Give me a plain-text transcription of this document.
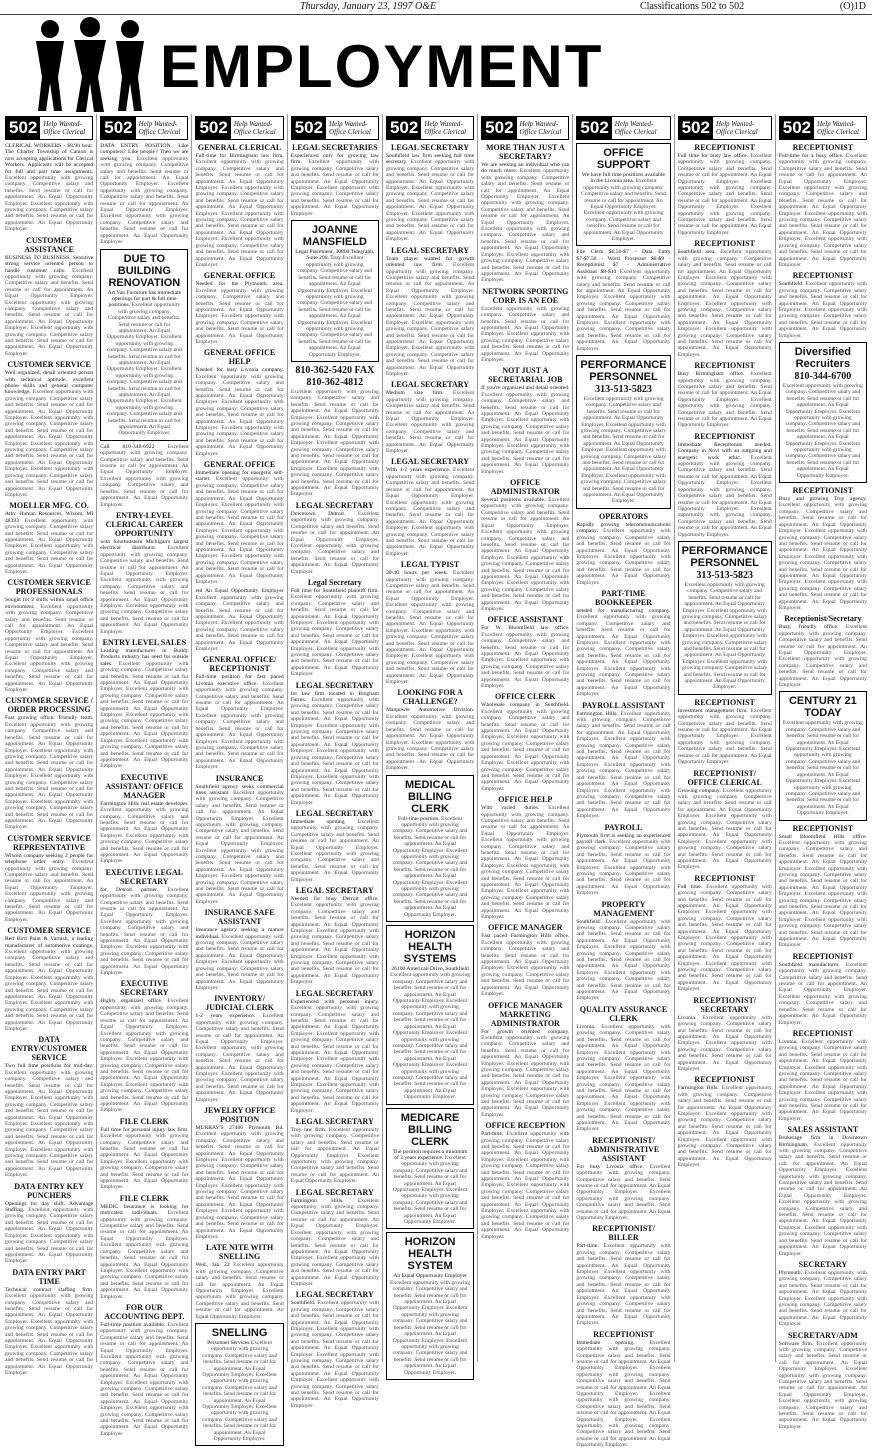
Thursday, January 23, 1997 O&E	Classifications 502 to 502	(O)1D
EMPLOYMENT
502 Help Wanted-
Office Clerical
CLERICAL WORKERS - $8.90 hour. The Charter Township of Canton is now accepting applications for Clerical Workers. Applicants will be accepted for full and part time assignments. Excellent opportunity with growing company. Competitive salary and benefits. Send resume or call for appointment. An Equal Opportunity Employer. Excellent opportunity with growing company. Competitive salary and benefits. Send resume or call for appointment. An Equal Opportunity Employer.
CUSTOMER ASSISTANCE
BUSINESS TO BUSINESS. Sensitive strong service oriented person to handle customer calls. Excellent opportunity with growing company. Competitive salary and benefits. Send resume or call for appointment. An Equal Opportunity Employer. Excellent opportunity with growing company. Competitive salary and benefits. Send resume or call for appointment. An Equal Opportunity Employer. Excellent opportunity with growing company. Competitive salary and benefits. Send resume or call for appointment. An Equal Opportunity Employer.
CUSTOMER SERVICE
Well organized, detail oriented person with technical aptitude, excellent phone skills and general computer knowledge. Excellent opportunity with growing company. Competitive salary and benefits. Send resume or call for appointment. An Equal Opportunity Employer. Excellent opportunity with growing company. Competitive salary and benefits. Send resume or call for appointment. An Equal Opportunity Employer. Excellent opportunity with growing company. Competitive salary and benefits. Send resume or call for appointment. An Equal Opportunity Employer. Excellent opportunity with growing company. Competitive salary and benefits. Send resume or call for appointment. An Equal Opportunity Employer.
MOELLER MFG. CO.
Attn: Human Resources, Wixom, MI 48393 Excellent opportunity with growing company. Competitive salary and benefits. Send resume or call for appointment. An Equal Opportunity Employer. Excellent opportunity with growing company. Competitive salary and benefits. Send resume or call for appointment. An Equal Opportunity Employer.
CUSTOMER SERVICE PROFESSIONALS
Sought for 2 shifts within small office environment. Excellent opportunity with growing company. Competitive salary and benefits. Send resume or call for appointment. An Equal Opportunity Employer. Excellent opportunity with growing company. Competitive salary and benefits. Send resume or call for appointment. An Equal Opportunity Employer. Excellent opportunity with growing company. Competitive salary and benefits. Send resume or call for appointment. An Equal Opportunity Employer.
CUSTOMER SERVICE / ORDER PROCESSING
Fast growing office. Friendly team. Excellent opportunity with growing company. Competitive salary and benefits. Send resume or call for appointment. An Equal Opportunity Employer. Excellent opportunity with growing company. Competitive salary and benefits. Send resume or call for appointment. An Equal Opportunity Employer. Excellent opportunity with growing company. Competitive salary and benefits. Send resume or call for appointment. An Equal Opportunity Employer. Excellent opportunity with growing company. Competitive salary and benefits. Send resume or call for appointment. An Equal Opportunity Employer.
CUSTOMER SERVICE REPRESENTATIVE
Wixom company seeking 2 people for telephone order entry. Excellent opportunity with growing company. Competitive salary and benefits. Send resume or call for appointment. An Equal Opportunity Employer. Excellent opportunity with growing company. Competitive salary and benefits. Send resume or call for appointment. An Equal Opportunity Employer.
CUSTOMER SERVICE
Red Bird Paint & Varnish, a leading manufacturer of automotive coatings. Excellent opportunity with growing company. Competitive salary and benefits. Send resume or call for appointment. An Equal Opportunity Employer. Excellent opportunity with growing company. Competitive salary and benefits. Send resume or call for appointment. An Equal Opportunity Employer. Excellent opportunity with growing company. Competitive salary and benefits. Send resume or call for appointment. An Equal Opportunity Employer.
DATA ENTRY/CUSTOMER SERVICE
Two full time positions for mid-day. Excellent opportunity with growing company. Competitive salary and benefits. Send resume or call for appointment. An Equal Opportunity Employer. Excellent opportunity with growing company. Competitive salary and benefits. Send resume or call for appointment. An Equal Opportunity Employer. Excellent opportunity with growing company. Competitive salary and benefits. Send resume or call for appointment. An Equal Opportunity Employer. Excellent opportunity with growing company. Competitive salary and benefits. Send resume or call for appointment. An Equal Opportunity Employer.
DATA ENTRY KEY PUNCHERS
Openings for day shift. Advantage Staffing. Excellent opportunity with growing company. Competitive salary and benefits. Send resume or call for appointment. An Equal Opportunity Employer. Excellent opportunity with growing company. Competitive salary and benefits. Send resume or call for appointment. An Equal Opportunity Employer.
DATA ENTRY PART TIME
Technical contract staffing firm. Excellent opportunity with growing company. Competitive salary and benefits. Send resume or call for appointment. An Equal Opportunity Employer. Excellent opportunity with growing company. Competitive salary and benefits. Send resume or call for appointment. An Equal Opportunity Employer. Excellent opportunity with growing company. Competitive salary and benefits. Send resume or call for appointment. An Equal Opportunity Employer.
502 Help Wanted-
Office Clerical
DATA ENTRY POSITION. Like computers? Like people? Then we are seeking you. Excellent opportunity with growing company. Competitive salary and benefits. Send resume or call for appointment. An Equal Opportunity Employer. Excellent opportunity with growing company. Competitive salary and benefits. Send resume or call for appointment. An Equal Opportunity Employer. Excellent opportunity with growing company. Competitive salary and benefits. Send resume or call for appointment. An Equal Opportunity Employer.
DUE TO BUILDING RENOVATION
Art Van Furniture has immediate openings for part & full time positions. Excellent opportunity with growing company. Competitive salary and benefits. Send resume or call for appointment. An Equal Opportunity Employer. Excellent opportunity with growing company. Competitive salary and benefits. Send resume or call for appointment. An Equal Opportunity Employer. Excellent opportunity with growing company. Competitive salary and benefits. Send resume or call for appointment. An Equal Opportunity Employer. Excellent opportunity with growing company. Competitive salary and benefits. Send resume or call for appointment. An Equal Opportunity Employer.
Call 810-348-6922 Excellent opportunity with growing company. Competitive salary and benefits. Send resume or call for appointment. An Equal Opportunity Employer. Excellent opportunity with growing company. Competitive salary and benefits. Send resume or call for appointment. An Equal Opportunity Employer.
ENTRY-LEVEL CLERICAL CAREER OPPORTUNITY
with Southeastern Michigan's largest electrical distributor. Excellent opportunity with growing company. Competitive salary and benefits. Send resume or call for appointment. An Equal Opportunity Employer. Excellent opportunity with growing company. Competitive salary and benefits. Send resume or call for appointment. An Equal Opportunity Employer. Excellent opportunity with growing company. Competitive salary and benefits. Send resume or call for appointment. An Equal Opportunity Employer.
ENTRY LEVEL SALES
Leading manufacturer in Buddy Products industry has need for outside sales. Excellent opportunity with growing company. Competitive salary and benefits. Send resume or call for appointment. An Equal Opportunity Employer. Excellent opportunity with growing company. Competitive salary and benefits. Send resume or call for appointment. An Equal Opportunity Employer. Excellent opportunity with growing company. Competitive salary and benefits. Send resume or call for appointment. An Equal Opportunity Employer. Excellent opportunity with growing company. Competitive salary and benefits. Send resume or call for appointment. An Equal Opportunity Employer.
EXECUTIVE ASSISTANT/ OFFICE MANAGER
Farmington Hills real estate developer. Excellent opportunity with growing company. Competitive salary and benefits. Send resume or call for appointment. An Equal Opportunity Employer. Excellent opportunity with growing company. Competitive salary and benefits. Send resume or call for appointment. An Equal Opportunity Employer.
EXECUTIVE LEGAL SECRETARY
for Detroit partner. Excellent opportunity with growing company. Competitive salary and benefits. Send resume or call for appointment. An Equal Opportunity Employer. Excellent opportunity with growing company. Competitive salary and benefits. Send resume or call for appointment. An Equal Opportunity Employer. Excellent opportunity with growing company. Competitive salary and benefits. Send resume or call for appointment. An Equal Opportunity Employer.
EXECUTIVE SECRETARY
Highly organized office. Excellent opportunity with growing company. Competitive salary and benefits. Send resume or call for appointment. An Equal Opportunity Employer. Excellent opportunity with growing company. Competitive salary and benefits. Send resume or call for appointment. An Equal Opportunity Employer. Excellent opportunity with growing company. Competitive salary and benefits. Send resume or call for appointment. An Equal Opportunity Employer. Excellent opportunity with growing company. Competitive salary and benefits. Send resume or call for appointment. An Equal Opportunity Employer.
FILE CLERK
Full time for personal injury law firm. Excellent opportunity with growing company. Competitive salary and benefits. Send resume or call for appointment. An Equal Opportunity Employer. Excellent opportunity with growing company. Competitive salary and benefits. Send resume or call for appointment. An Equal Opportunity Employer.
FILE CLERK
MEDIC Insurance is looking for motivated individuals. Excellent opportunity with growing company. Competitive salary and benefits. Send resume or call for appointment. An Equal Opportunity Employer. Excellent opportunity with growing company. Competitive salary and benefits. Send resume or call for appointment. An Equal Opportunity Employer. Excellent opportunity with growing company. Competitive salary and benefits. Send resume or call for appointment. An Equal Opportunity Employer.
FOR OUR ACCOUNTING DEPT.
Full-time position available. Excellent opportunity with growing company. Competitive salary and benefits. Send resume or call for appointment. An Equal Opportunity Employer. Excellent opportunity with growing company. Competitive salary and benefits. Send resume or call for appointment. An Equal Opportunity Employer. Excellent opportunity with growing company. Competitive salary and benefits. Send resume or call for appointment. An Equal Opportunity Employer. Excellent opportunity with growing company. Competitive salary and benefits. Send resume or call for appointment. An Equal Opportunity Employer.
502 Help Wanted-
Office Clerical
GENERAL CLERICAL
Full-time for Birmingham law firm. Excellent opportunity with growing company. Competitive salary and benefits. Send resume or call for appointment. An Equal Opportunity Employer. Excellent opportunity with growing company. Competitive salary and benefits. Send resume or call for appointment. An Equal Opportunity Employer. Excellent opportunity with growing company. Competitive salary and benefits. Send resume or call for appointment. An Equal Opportunity Employer. Excellent opportunity with growing company. Competitive salary and benefits. Send resume or call for appointment. An Equal Opportunity Employer.
GENERAL OFFICE
Needed for the Plymouth area. Excellent opportunity with growing company. Competitive salary and benefits. Send resume or call for appointment. An Equal Opportunity Employer. Excellent opportunity with growing company. Competitive salary and benefits. Send resume or call for appointment. An Equal Opportunity Employer.
GENERAL OFFICE HELP
Needed for busy Livonia company. Excellent opportunity with growing company. Competitive salary and benefits. Send resume or call for appointment. An Equal Opportunity Employer. Excellent opportunity with growing company. Competitive salary and benefits. Send resume or call for appointment. An Equal Opportunity Employer. Excellent opportunity with growing company. Competitive salary and benefits. Send resume or call for appointment. An Equal Opportunity Employer.
GENERAL OFFICE
Immediate opening for energetic self-starter. Excellent opportunity with growing company. Competitive salary and benefits. Send resume or call for appointment. An Equal Opportunity Employer. Excellent opportunity with growing company. Competitive salary and benefits. Send resume or call for appointment. An Equal Opportunity Employer. Excellent opportunity with growing company. Competitive salary and benefits. Send resume or call for appointment. An Equal Opportunity Employer. Excellent opportunity with growing company. Competitive salary and benefits. Send resume or call for appointment. An Equal Opportunity Employer.
etd An Equal Opportunity Employer Excellent opportunity with growing company. Competitive salary and benefits. Send resume or call for appointment. An Equal Opportunity Employer. Excellent opportunity with growing company. Competitive salary and benefits. Send resume or call for appointment. An Equal Opportunity Employer.
GENERAL OFFICE/ RECEPTIONIST
Full-time position for fast paced Livonia executive office. Excellent opportunity with growing company. Competitive salary and benefits. Send resume or call for appointment. An Equal Opportunity Employer. Excellent opportunity with growing company. Competitive salary and benefits. Send resume or call for appointment. An Equal Opportunity Employer. Excellent opportunity with growing company. Competitive salary and benefits. Send resume or call for appointment. An Equal Opportunity Employer.
INSURANCE
Southfield agency seeks commercial lines assistant. Excellent opportunity with growing company. Competitive salary and benefits. Send resume or call for appointment. An Equal Opportunity Employer. Excellent opportunity with growing company. Competitive salary and benefits. Send resume or call for appointment. An Equal Opportunity Employer. Excellent opportunity with growing company. Competitive salary and benefits. Send resume or call for appointment. An Equal Opportunity Employer. Excellent opportunity with growing company. Competitive salary and benefits. Send resume or call for appointment. An Equal Opportunity Employer.
INSURANCE SAFE ASSISTANT
Insurance agency seeking a mature individual. Excellent opportunity with growing company. Competitive salary and benefits. Send resume or call for appointment. An Equal Opportunity Employer. Excellent opportunity with growing company. Competitive salary and benefits. Send resume or call for appointment. An Equal Opportunity Employer.
INVENTORY/ JUDICIAL CLERK
1-2 years experience. Excellent opportunity with growing company. Competitive salary and benefits. Send resume or call for appointment. An Equal Opportunity Employer. Excellent opportunity with growing company. Competitive salary and benefits. Send resume or call for appointment. An Equal Opportunity Employer. Excellent opportunity with growing company. Competitive salary and benefits. Send resume or call for appointment. An Equal Opportunity Employer.
JEWELRY OFFICE POSITION
MURRAY'S 27400 Plymouth Rd. Excellent opportunity with growing company. Competitive salary and benefits. Send resume or call for appointment. An Equal Opportunity Employer. Excellent opportunity with growing company. Competitive salary and benefits. Send resume or call for appointment. An Equal Opportunity Employer. Excellent opportunity with growing company. Competitive salary and benefits. Send resume or call for appointment. An Equal Opportunity Employer. Excellent opportunity with growing company. Competitive salary and benefits. Send resume or call for appointment. An Equal Opportunity Employer.
LATE NITE WITH SNELLING
Wed., Jan. 22 Excellent opportunity with growing company. Competitive salary and benefits. Send resume or call for appointment. An Equal Opportunity Employer. Excellent opportunity with growing company. Competitive salary and benefits. Send resume or call for appointment. An Equal Opportunity Employer.
SNELLING
Personnel Services Excellent opportunity with growing company. Competitive salary and benefits. Send resume or call for appointment. An Equal Opportunity Employer. Excellent opportunity with growing company. Competitive salary and benefits. Send resume or call for appointment. An Equal Opportunity Employer. Excellent opportunity with growing company. Competitive salary and benefits. Send resume or call for appointment. An Equal Opportunity Employer.
502 Help Wanted-
Office Clerical
LEGAL SECRETARIES
Experienced only for growing law firm. Excellent opportunity with growing company. Competitive salary and benefits. Send resume or call for appointment. An Equal Opportunity Employer. Excellent opportunity with growing company. Competitive salary and benefits. Send resume or call for appointment. An Equal Opportunity Employer.
JOANNE MANSFIELD
Legal Placement, 30800 Telegraph, Suite 200, Troy Excellent opportunity with growing company. Competitive salary and benefits. Send resume or call for appointment. An Equal Opportunity Employer. Excellent opportunity with growing company. Competitive salary and benefits. Send resume or call for appointment. An Equal Opportunity Employer. Excellent opportunity with growing company. Competitive salary and benefits. Send resume or call for appointment. An Equal Opportunity Employer.
810-362-5420 FAX 810-362-4812
Excellent opportunity with growing company. Competitive salary and benefits. Send resume or call for appointment. An Equal Opportunity Employer. Excellent opportunity with growing company. Competitive salary and benefits. Send resume or call for appointment. An Equal Opportunity Employer. Excellent opportunity with growing company. Competitive salary and benefits. Send resume or call for appointment. An Equal Opportunity Employer. Excellent opportunity with growing company. Competitive salary and benefits. Send resume or call for appointment. An Equal Opportunity Employer.
LEGAL SECRETARY
Downtown Detroit. Excellent opportunity with growing company. Competitive salary and benefits. Send resume or call for appointment. An Equal Opportunity Employer. Excellent opportunity with growing company. Competitive salary and benefits. Send resume or call for appointment. An Equal Opportunity Employer.
Legal Secretary
Full time for Southfield plaintiff firm. Excellent opportunity with growing company. Competitive salary and benefits. Send resume or call for appointment. An Equal Opportunity Employer. Excellent opportunity with growing company. Competitive salary and benefits. Send resume or call for appointment. An Equal Opportunity Employer. Excellent opportunity with growing company. Competitive salary and benefits. Send resume or call for appointment. An Equal Opportunity Employer.
LEGAL SECRETARY
for law firm located in Bingham Farms. Excellent opportunity with growing company. Competitive salary and benefits. Send resume or call for appointment. An Equal Opportunity Employer. Excellent opportunity with growing company. Competitive salary and benefits. Send resume or call for appointment. An Equal Opportunity Employer. Excellent opportunity with growing company. Competitive salary and benefits. Send resume or call for appointment. An Equal Opportunity Employer. Excellent opportunity with growing company. Competitive salary and benefits. Send resume or call for appointment. An Equal Opportunity Employer.
LEGAL SECRETARY
Immediate opening. Excellent opportunity with growing company. Competitive salary and benefits. Send resume or call for appointment. An Equal Opportunity Employer. Excellent opportunity with growing company. Competitive salary and benefits. Send resume or call for appointment. An Equal Opportunity Employer.
LEGAL SECRETARY
Needed for busy Detroit office. Excellent opportunity with growing company. Competitive salary and benefits. Send resume or call for appointment. An Equal Opportunity Employer. Excellent opportunity with growing company. Competitive salary and benefits. Send resume or call for appointment. An Equal Opportunity Employer. Excellent opportunity with growing company. Competitive salary and benefits. Send resume or call for appointment. An Equal Opportunity Employer.
LEGAL SECRETARY
Experienced with personal injury. Excellent opportunity with growing company. Competitive salary and benefits. Send resume or call for appointment. An Equal Opportunity Employer. Excellent opportunity with growing company. Competitive salary and benefits. Send resume or call for appointment. An Equal Opportunity Employer. Excellent opportunity with growing company. Competitive salary and benefits. Send resume or call for appointment. An Equal Opportunity Employer. Excellent opportunity with growing company. Competitive salary and benefits. Send resume or call for appointment. An Equal Opportunity Employer.
LEGAL SECRETARY
Troy law firm. Excellent opportunity with growing company. Competitive salary and benefits. Send resume or call for appointment. An Equal Opportunity Employer. Excellent opportunity with growing company. Competitive salary and benefits. Send resume or call for appointment. An Equal Opportunity Employer.
LEGAL SECRETARY
Farmington Hills. Excellent opportunity with growing company. Competitive salary and benefits. Send resume or call for appointment. An Equal Opportunity Employer. Excellent opportunity with growing company. Competitive salary and benefits. Send resume or call for appointment. An Equal Opportunity Employer. Excellent opportunity with growing company. Competitive salary and benefits. Send resume or call for appointment. An Equal Opportunity Employer.
LEGAL SECRETARY
Southfield. Excellent opportunity with growing company. Competitive salary and benefits. Send resume or call for appointment. An Equal Opportunity Employer. Excellent opportunity with growing company. Competitive salary and benefits. Send resume or call for appointment. An Equal Opportunity Employer. Excellent opportunity with growing company. Competitive salary and benefits. Send resume or call for appointment. An Equal Opportunity Employer. Excellent opportunity with growing company. Competitive salary and benefits. Send resume or call for appointment. An Equal Opportunity Employer.
502 Help Wanted-
Office Clerical
LEGAL SECRETARY
Southfield law firm seeking full time secretary. Excellent opportunity with growing company. Competitive salary and benefits. Send resume or call for appointment. An Equal Opportunity Employer. Excellent opportunity with growing company. Competitive salary and benefits. Send resume or call for appointment. An Equal Opportunity Employer. Excellent opportunity with growing company. Competitive salary and benefits. Send resume or call for appointment. An Equal Opportunity Employer.
LEGAL SECRETARY
Team player wanted for growth oriented law firm. Excellent opportunity with growing company. Competitive salary and benefits. Send resume or call for appointment. An Equal Opportunity Employer. Excellent opportunity with growing company. Competitive salary and benefits. Send resume or call for appointment. An Equal Opportunity Employer. Excellent opportunity with growing company. Competitive salary and benefits. Send resume or call for appointment. An Equal Opportunity Employer. Excellent opportunity with growing company. Competitive salary and benefits. Send resume or call for appointment. An Equal Opportunity Employer.
LEGAL SECRETARY
Medium size firm. Excellent opportunity with growing company. Competitive salary and benefits. Send resume or call for appointment. An Equal Opportunity Employer. Excellent opportunity with growing company. Competitive salary and benefits. Send resume or call for appointment. An Equal Opportunity Employer.
LEGAL SECRETARY
With 1-2 years experience. Excellent opportunity with growing company. Competitive salary and benefits. Send resume or call for appointment. An Equal Opportunity Employer. Excellent opportunity with growing company. Competitive salary and benefits. Send resume or call for appointment. An Equal Opportunity Employer. Excellent opportunity with growing company. Competitive salary and benefits. Send resume or call for appointment. An Equal Opportunity Employer.
LEGAL TYPIST
30-40 hours per week. Excellent opportunity with growing company. Competitive salary and benefits. Send resume or call for appointment. An Equal Opportunity Employer. Excellent opportunity with growing company. Competitive salary and benefits. Send resume or call for appointment. An Equal Opportunity Employer. Excellent opportunity with growing company. Competitive salary and benefits. Send resume or call for appointment. An Equal Opportunity Employer. Excellent opportunity with growing company. Competitive salary and benefits. Send resume or call for appointment. An Equal Opportunity Employer.
LOOKING FOR A CHALLENGE?
Manpower Automotive Division. Excellent opportunity with growing company. Competitive salary and benefits. Send resume or call for appointment. An Equal Opportunity Employer. Excellent opportunity with growing company. Competitive salary and benefits. Send resume or call for appointment. An Equal Opportunity Employer.
MEDICAL BILLING CLERK
Full-time position. Excellent opportunity with growing company. Competitive salary and benefits. Send resume or call for appointment. An Equal Opportunity Employer. Excellent opportunity with growing company. Competitive salary and benefits. Send resume or call for appointment. An Equal Opportunity Employer. Excellent opportunity with growing company. Competitive salary and benefits. Send resume or call for appointment. An Equal Opportunity Employer.
HORIZON HEALTH SYSTEMS
26100 American Drive, Southfield Excellent opportunity with growing company. Competitive salary and benefits. Send resume or call for appointment. An Equal Opportunity Employer. Excellent opportunity with growing company. Competitive salary and benefits. Send resume or call for appointment. An Equal Opportunity Employer. Excellent opportunity with growing company. Competitive salary and benefits. Send resume or call for appointment. An Equal Opportunity Employer. Excellent opportunity with growing company. Competitive salary and benefits. Send resume or call for appointment. An Equal Opportunity Employer.
MEDICARE BILLING CLERK
The position requires a minimum of 2 years experience. Excellent opportunity with growing company. Competitive salary and benefits. Send resume or call for appointment. An Equal Opportunity Employer. Excellent opportunity with growing company. Competitive salary and benefits. Send resume or call for appointment. An Equal Opportunity Employer.
HORIZON HEALTH SYSTEM
An Equal Opportunity Employer Excellent opportunity with growing company. Competitive salary and benefits. Send resume or call for appointment. An Equal Opportunity Employer. Excellent opportunity with growing company. Competitive salary and benefits. Send resume or call for appointment. An Equal Opportunity Employer. Excellent opportunity with growing company. Competitive salary and benefits. Send resume or call for appointment. An Equal Opportunity Employer.
502 Help Wanted-
Office Clerical
MORE THAN JUST A SECRETARY?
We are seeking an individual who can do much more. Excellent opportunity with growing company. Competitive salary and benefits. Send resume or call for appointment. An Equal Opportunity Employer. Excellent opportunity with growing company. Competitive salary and benefits. Send resume or call for appointment. An Equal Opportunity Employer. Excellent opportunity with growing company. Competitive salary and benefits. Send resume or call for appointment. An Equal Opportunity Employer. Excellent opportunity with growing company. Competitive salary and benefits. Send resume or call for appointment. An Equal Opportunity Employer.
NETWORK SPORTING CORP. IS AN EOE
Excellent opportunity with growing company. Competitive salary and benefits. Send resume or call for appointment. An Equal Opportunity Employer. Excellent opportunity with growing company. Competitive salary and benefits. Send resume or call for appointment. An Equal Opportunity Employer.
NOT JUST A SECRETARIAL JOB
If you're organized and detail oriented. Excellent opportunity with growing company. Competitive salary and benefits. Send resume or call for appointment. An Equal Opportunity Employer. Excellent opportunity with growing company. Competitive salary and benefits. Send resume or call for appointment. An Equal Opportunity Employer. Excellent opportunity with growing company. Competitive salary and benefits. Send resume or call for appointment. An Equal Opportunity Employer.
OFFICE ADMINISTRATOR
Several positions available. Excellent opportunity with growing company. Competitive salary and benefits. Send resume or call for appointment. An Equal Opportunity Employer. Excellent opportunity with growing company. Competitive salary and benefits. Send resume or call for appointment. An Equal Opportunity Employer. Excellent opportunity with growing company. Competitive salary and benefits. Send resume or call for appointment. An Equal Opportunity Employer. Excellent opportunity with growing company. Competitive salary and benefits. Send resume or call for appointment. An Equal Opportunity Employer.
OFFICE ASSISTANT
For W. Bloomfield law office. Excellent opportunity with growing company. Competitive salary and benefits. Send resume or call for appointment. An Equal Opportunity Employer. Excellent opportunity with growing company. Competitive salary and benefits. Send resume or call for appointment. An Equal Opportunity Employer.
OFFICE CLERK
Wholesale company in Southfield. Excellent opportunity with growing company. Competitive salary and benefits. Send resume or call for appointment. An Equal Opportunity Employer. Excellent opportunity with growing company. Competitive salary and benefits. Send resume or call for appointment. An Equal Opportunity Employer. Excellent opportunity with growing company. Competitive salary and benefits. Send resume or call for appointment. An Equal Opportunity Employer.
OFFICE HELP
With varied duties. Excellent opportunity with growing company. Competitive salary and benefits. Send resume or call for appointment. An Equal Opportunity Employer. Excellent opportunity with growing company. Competitive salary and benefits. Send resume or call for appointment. An Equal Opportunity Employer. Excellent opportunity with growing company. Competitive salary and benefits. Send resume or call for appointment. An Equal Opportunity Employer. Excellent opportunity with growing company. Competitive salary and benefits. Send resume or call for appointment. An Equal Opportunity Employer.
OFFICE MANAGER
Fast paced Farmington Hills office. Excellent opportunity with growing company. Competitive salary and benefits. Send resume or call for appointment. An Equal Opportunity Employer. Excellent opportunity with growing company. Competitive salary and benefits. Send resume or call for appointment. An Equal Opportunity Employer.
OFFICE MANAGER MARKETING ADMINISTRATOR
For growth oriented company. Excellent opportunity with growing company. Competitive salary and benefits. Send resume or call for appointment. An Equal Opportunity Employer. Excellent opportunity with growing company. Competitive salary and benefits. Send resume or call for appointment. An Equal Opportunity Employer. Excellent opportunity with growing company. Competitive salary and benefits. Send resume or call for appointment. An Equal Opportunity Employer.
OFFICE RECEPTION
Part-time. Excellent opportunity with growing company. Competitive salary and benefits. Send resume or call for appointment. An Equal Opportunity Employer. Excellent opportunity with growing company. Competitive salary and benefits. Send resume or call for appointment. An Equal Opportunity Employer. Excellent opportunity with growing company. Competitive salary and benefits. Send resume or call for appointment. An Equal Opportunity Employer. Excellent opportunity with growing company. Competitive salary and benefits. Send resume or call for appointment. An Equal Opportunity Employer.
502 Help Wanted-
Office Clerical
OFFICE SUPPORT
We have full time positions available in the Livonia area. Excellent opportunity with growing company. Competitive salary and benefits. Send resume or call for appointment. An Equal Opportunity Employer. Excellent opportunity with growing company. Competitive salary and benefits. Send resume or call for appointment. An Equal Opportunity Employer.
File Clerk $6.50-$7 - Data Entry $7-$7.50 - Word Processor $8-$9 - Receptionist $7 - Administrative Assistant $8-$10 Excellent opportunity with growing company. Competitive salary and benefits. Send resume or call for appointment. An Equal Opportunity Employer. Excellent opportunity with growing company. Competitive salary and benefits. Send resume or call for appointment. An Equal Opportunity Employer. Excellent opportunity with growing company. Competitive salary and benefits. Send resume or call for appointment. An Equal Opportunity Employer.
PERFORMANCE PERSONNEL
313-513-5823
Excellent opportunity with growing company. Competitive salary and benefits. Send resume or call for appointment. An Equal Opportunity Employer. Excellent opportunity with growing company. Competitive salary and benefits. Send resume or call for appointment. An Equal Opportunity Employer. Excellent opportunity with growing company. Competitive salary and benefits. Send resume or call for appointment. An Equal Opportunity Employer. Excellent opportunity with growing company. Competitive salary and benefits. Send resume or call for appointment. An Equal Opportunity Employer.
OPERATORS
Rapidly growing telecommunications company. Excellent opportunity with growing company. Competitive salary and benefits. Send resume or call for appointment. An Equal Opportunity Employer. Excellent opportunity with growing company. Competitive salary and benefits. Send resume or call for appointment. An Equal Opportunity Employer.
PART-TIME BOOKKEEPER
needed for manufacturing company. Excellent opportunity with growing company. Competitive salary and benefits. Send resume or call for appointment. An Equal Opportunity Employer. Excellent opportunity with growing company. Competitive salary and benefits. Send resume or call for appointment. An Equal Opportunity Employer. Excellent opportunity with growing company. Competitive salary and benefits. Send resume or call for appointment. An Equal Opportunity Employer.
PAYROLL ASSISTANT
Farmington Hills. Excellent opportunity with growing company. Competitive salary and benefits. Send resume or call for appointment. An Equal Opportunity Employer. Excellent opportunity with growing company. Competitive salary and benefits. Send resume or call for appointment. An Equal Opportunity Employer. Excellent opportunity with growing company. Competitive salary and benefits. Send resume or call for appointment. An Equal Opportunity Employer. Excellent opportunity with growing company. Competitive salary and benefits. Send resume or call for appointment. An Equal Opportunity Employer.
PAYROLL
Plymouth firm is seeking an experienced payroll clerk. Excellent opportunity with growing company. Competitive salary and benefits. Send resume or call for appointment. An Equal Opportunity Employer. Excellent opportunity with growing company. Competitive salary and benefits. Send resume or call for appointment. An Equal Opportunity Employer.
PROPERTY MANAGEMENT
Southfield. Excellent opportunity with growing company. Competitive salary and benefits. Send resume or call for appointment. An Equal Opportunity Employer. Excellent opportunity with growing company. Competitive salary and benefits. Send resume or call for appointment. An Equal Opportunity Employer. Excellent opportunity with growing company. Competitive salary and benefits. Send resume or call for appointment. An Equal Opportunity Employer.
QUALITY ASSURANCE CLERK
Livonia. Excellent opportunity with growing company. Competitive salary and benefits. Send resume or call for appointment. An Equal Opportunity Employer. Excellent opportunity with growing company. Competitive salary and benefits. Send resume or call for appointment. An Equal Opportunity Employer. Excellent opportunity with growing company. Competitive salary and benefits. Send resume or call for appointment. An Equal Opportunity Employer. Excellent opportunity with growing company. Competitive salary and benefits. Send resume or call for appointment. An Equal Opportunity Employer.
RECEPTIONIST/ ADMINISTRATIVE ASSISTANT
For busy Livonia office. Excellent opportunity with growing company. Competitive salary and benefits. Send resume or call for appointment. An Equal Opportunity Employer. Excellent opportunity with growing company. Competitive salary and benefits. Send resume or call for appointment. An Equal Opportunity Employer.
RECEPTIONIST/ BILLER
Part-time. Excellent opportunity with growing company. Competitive salary and benefits. Send resume or call for appointment. An Equal Opportunity Employer. Excellent opportunity with growing company. Competitive salary and benefits. Send resume or call for appointment. An Equal Opportunity Employer. Excellent opportunity with growing company. Competitive salary and benefits. Send resume or call for appointment. An Equal Opportunity Employer.
RECEPTIONIST
Immediate opening. Excellent opportunity with growing company. Competitive salary and benefits. Send resume or call for appointment. An Equal Opportunity Employer. Excellent opportunity with growing company. Competitive salary and benefits. Send resume or call for appointment. An Equal Opportunity Employer. Excellent opportunity with growing company. Competitive salary and benefits. Send resume or call for appointment. An Equal Opportunity Employer. Excellent opportunity with growing company. Competitive salary and benefits. Send resume or call for appointment. An Equal Opportunity Employer.
502 Help Wanted-
Office Clerical
RECEPTIONIST
Full time for busy law office. Excellent opportunity with growing company. Competitive salary and benefits. Send resume or call for appointment. An Equal Opportunity Employer. Excellent opportunity with growing company. Competitive salary and benefits. Send resume or call for appointment. An Equal Opportunity Employer. Excellent opportunity with growing company. Competitive salary and benefits. Send resume or call for appointment. An Equal Opportunity Employer.
RECEPTIONIST
Southfield area. Excellent opportunity with growing company. Competitive salary and benefits. Send resume or call for appointment. An Equal Opportunity Employer. Excellent opportunity with growing company. Competitive salary and benefits. Send resume or call for appointment. An Equal Opportunity Employer. Excellent opportunity with growing company. Competitive salary and benefits. Send resume or call for appointment. An Equal Opportunity Employer. Excellent opportunity with growing company. Competitive salary and benefits. Send resume or call for appointment. An Equal Opportunity Employer.
RECEPTIONIST
Busy Birmingham office. Excellent opportunity with growing company. Competitive salary and benefits. Send resume or call for appointment. An Equal Opportunity Employer. Excellent opportunity with growing company. Competitive salary and benefits. Send resume or call for appointment. An Equal Opportunity Employer.
RECEPTIONIST
Immediate Receptionist needed. Company in Novi with an outgoing and energetic work ethic. Excellent opportunity with growing company. Competitive salary and benefits. Send resume or call for appointment. An Equal Opportunity Employer. Excellent opportunity with growing company. Competitive salary and benefits. Send resume or call for appointment. An Equal Opportunity Employer. Excellent opportunity with growing company. Competitive salary and benefits. Send resume or call for appointment. An Equal Opportunity Employer.
PERFORMANCE PERSONNEL
313-513-5823
Excellent opportunity with growing company. Competitive salary and benefits. Send resume or call for appointment. An Equal Opportunity Employer. Excellent opportunity with growing company. Competitive salary and benefits. Send resume or call for appointment. An Equal Opportunity Employer. Excellent opportunity with growing company. Competitive salary and benefits. Send resume or call for appointment. An Equal Opportunity Employer. Excellent opportunity with growing company. Competitive salary and benefits. Send resume or call for appointment. An Equal Opportunity Employer.
RECEPTIONIST
Investment management firm. Excellent opportunity with growing company. Competitive salary and benefits. Send resume or call for appointment. An Equal Opportunity Employer. Excellent opportunity with growing company. Competitive salary and benefits. Send resume or call for appointment. An Equal Opportunity Employer.
RECEPTIONIST/ OFFICE CLERICAL
Growing company. Excellent opportunity with growing company. Competitive salary and benefits. Send resume or call for appointment. An Equal Opportunity Employer. Excellent opportunity with growing company. Competitive salary and benefits. Send resume or call for appointment. An Equal Opportunity Employer. Excellent opportunity with growing company. Competitive salary and benefits. Send resume or call for appointment. An Equal Opportunity Employer.
RECEPTIONIST
Full time. Excellent opportunity with growing company. Competitive salary and benefits. Send resume or call for appointment. An Equal Opportunity Employer. Excellent opportunity with growing company. Competitive salary and benefits. Send resume or call for appointment. An Equal Opportunity Employer. Excellent opportunity with growing company. Competitive salary and benefits. Send resume or call for appointment. An Equal Opportunity Employer. Excellent opportunity with growing company. Competitive salary and benefits. Send resume or call for appointment. An Equal Opportunity Employer.
RECEPTIONIST/ SECRETARY
Livonia. Excellent opportunity with growing company. Competitive salary and benefits. Send resume or call for appointment. An Equal Opportunity Employer. Excellent opportunity with growing company. Competitive salary and benefits. Send resume or call for appointment. An Equal Opportunity Employer.
RECEPTIONIST
Farmington Hills. Excellent opportunity with growing company. Competitive salary and benefits. Send resume or call for appointment. An Equal Opportunity Employer. Excellent opportunity with growing company. Competitive salary and benefits. Send resume or call for appointment. An Equal Opportunity Employer. Excellent opportunity with growing company. Competitive salary and benefits. Send resume or call for appointment. An Equal Opportunity Employer.
502 Help Wanted-
Office Clerical
RECEPTIONIST
Full-time for a busy office. Excellent opportunity with growing company. Competitive salary and benefits. Send resume or call for appointment. An Equal Opportunity Employer. Excellent opportunity with growing company. Competitive salary and benefits. Send resume or call for appointment. An Equal Opportunity Employer. Excellent opportunity with growing company. Competitive salary and benefits. Send resume or call for appointment. An Equal Opportunity Employer. Excellent opportunity with growing company. Competitive salary and benefits. Send resume or call for appointment. An Equal Opportunity Employer.
RECEPTIONIST
Southfield. Excellent opportunity with growing company. Competitive salary and benefits. Send resume or call for appointment. An Equal Opportunity Employer. Excellent opportunity with growing company. Competitive salary and benefits. Send resume or call for appointment. An Equal Opportunity Employer.
Diversified Recruiters
810-344-6700
Excellent opportunity with growing company. Competitive salary and benefits. Send resume or call for appointment. An Equal Opportunity Employer. Excellent opportunity with growing company. Competitive salary and benefits. Send resume or call for appointment. An Equal Opportunity Employer. Excellent opportunity with growing company. Competitive salary and benefits. Send resume or call for appointment. An Equal Opportunity Employer.
RECEPTIONIST
Busy and growing Troy agency. Excellent opportunity with growing company. Competitive salary and benefits. Send resume or call for appointment. An Equal Opportunity Employer. Excellent opportunity with growing company. Competitive salary and benefits. Send resume or call for appointment. An Equal Opportunity Employer. Excellent opportunity with growing company. Competitive salary and benefits. Send resume or call for appointment. An Equal Opportunity Employer. Excellent opportunity with growing company. Competitive salary and benefits. Send resume or call for appointment. An Equal Opportunity Employer.
Receptionist/Secretary
Busy, friendly office. Excellent opportunity with growing company. Competitive salary and benefits. Send resume or call for appointment. An Equal Opportunity Employer. Excellent opportunity with growing company. Competitive salary and benefits. Send resume or call for appointment. An Equal Opportunity Employer.
CENTURY 21 TODAY
Excellent opportunity with growing company. Competitive salary and benefits. Send resume or call for appointment. An Equal Opportunity Employer. Excellent opportunity with growing company. Competitive salary and benefits. Send resume or call for appointment. An Equal Opportunity Employer. Excellent opportunity with growing company. Competitive salary and benefits. Send resume or call for appointment. An Equal Opportunity Employer.
RECEPTIONIST
Small Bloomfield Hills office. Excellent opportunity with growing company. Competitive salary and benefits. Send resume or call for appointment. An Equal Opportunity Employer. Excellent opportunity with growing company. Competitive salary and benefits. Send resume or call for appointment. An Equal Opportunity Employer. Excellent opportunity with growing company. Competitive salary and benefits. Send resume or call for appointment. An Equal Opportunity Employer. Excellent opportunity with growing company. Competitive salary and benefits. Send resume or call for appointment. An Equal Opportunity Employer.
RECEPTIONIST
Southfield manufacturer. Excellent opportunity with growing company. Competitive salary and benefits. Send resume or call for appointment. An Equal Opportunity Employer. Excellent opportunity with growing company. Competitive salary and benefits. Send resume or call for appointment. An Equal Opportunity Employer.
RECEPTIONIST
Livonia. Excellent opportunity with growing company. Competitive salary and benefits. Send resume or call for appointment. An Equal Opportunity Employer. Excellent opportunity with growing company. Competitive salary and benefits. Send resume or call for appointment. An Equal Opportunity Employer. Excellent opportunity with growing company. Competitive salary and benefits. Send resume or call for appointment. An Equal Opportunity Employer.
SALES ASSISTANT
Brokerage firm in Downtown Birmingham. Excellent opportunity with growing company. Competitive salary and benefits. Send resume or call for appointment. An Equal Opportunity Employer. Excellent opportunity with growing company. Competitive salary and benefits. Send resume or call for appointment. An Equal Opportunity Employer. Excellent opportunity with growing company. Competitive salary and benefits. Send resume or call for appointment. An Equal Opportunity Employer. Excellent opportunity with growing company. Competitive salary and benefits. Send resume or call for appointment. An Equal Opportunity Employer.
SECRETARY
Plymouth. Excellent opportunity with growing company. Competitive salary and benefits. Send resume or call for appointment. An Equal Opportunity Employer. Excellent opportunity with growing company. Competitive salary and benefits. Send resume or call for appointment. An Equal Opportunity Employer.
SECRETARY/ADM
Software firm. Excellent opportunity with growing company. Competitive salary and benefits. Send resume or call for appointment. An Equal Opportunity Employer. Excellent opportunity with growing company. Competitive salary and benefits. Send resume or call for appointment. An Equal Opportunity Employer. Excellent opportunity with growing company. Competitive salary and benefits. Send resume or call for appointment. An Equal Opportunity Employer.
